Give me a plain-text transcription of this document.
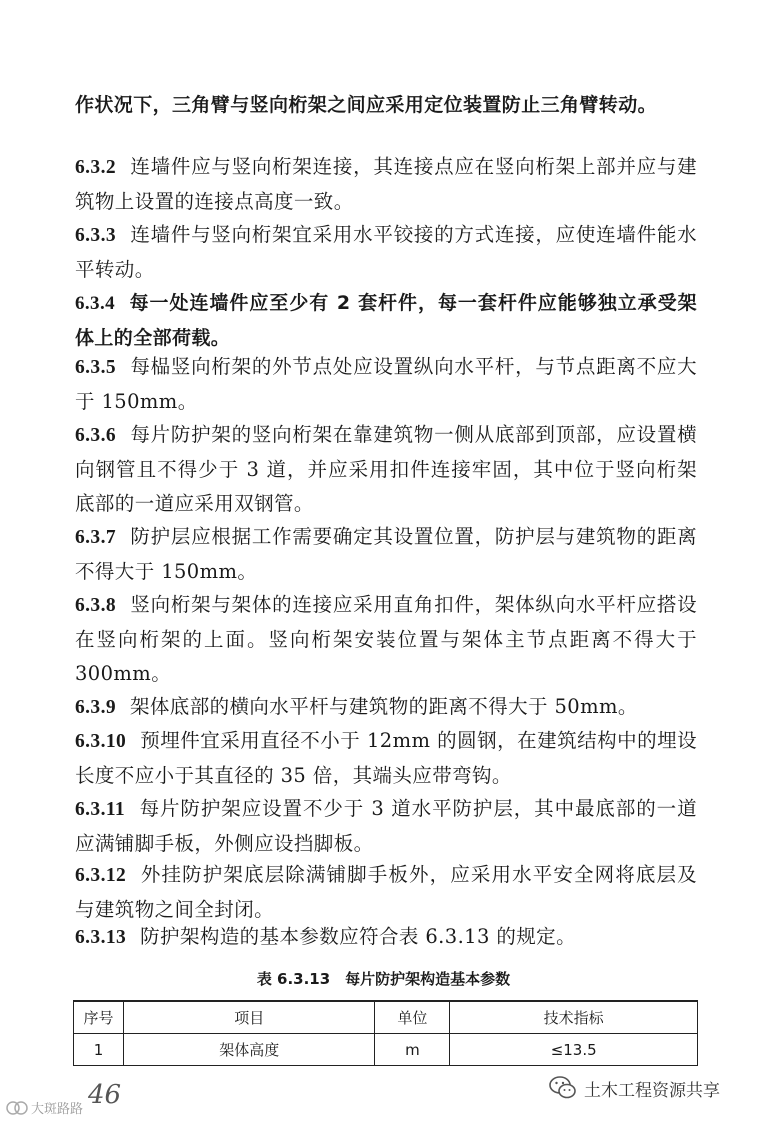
作状况下，三角臂与竖向桁架之间应采用定位装置防止三角臂转动。
6.3.2 连墙件应与竖向桁架连接，其连接点应在竖向桁架上部并应与建筑物上设置的连接点高度一致。
6.3.3 连墙件与竖向桁架宜采用水平铰接的方式连接，应使连墙件能水平转动。
6.3.4 每一处连墙件应至少有 2 套杆件，每一套杆件应能够独立承受架体上的全部荷载。
6.3.5 每榀竖向桁架的外节点处应设置纵向水平杆，与节点距离不应大于 150mm。
6.3.6 每片防护架的竖向桁架在靠建筑物一侧从底部到顶部，应设置横向钢管且不得少于 3 道，并应采用扣件连接牢固，其中位于竖向桁架底部的一道应采用双钢管。
6.3.7 防护层应根据工作需要确定其设置位置，防护层与建筑物的距离不得大于 150mm。
6.3.8 竖向桁架与架体的连接应采用直角扣件，架体纵向水平杆应搭设在竖向桁架的上面。竖向桁架安装位置与架体主节点距离不得大于 300mm。
6.3.9 架体底部的横向水平杆与建筑物的距离不得大于 50mm。
6.3.10 预埋件宜采用直径不小于 12mm 的圆钢，在建筑结构中的埋设长度不应小于其直径的 35 倍，其端头应带弯钩。
6.3.11 每片防护架应设置不少于 3 道水平防护层，其中最底部的一道应满铺脚手板，外侧应设挡脚板。
6.3.12 外挂防护架底层除满铺脚手板外，应采用水平安全网将底层及与建筑物之间全封闭。
6.3.13 防护架构造的基本参数应符合表 6.3.13 的规定。
表 6.3.13　每片防护架构造基本参数
序号	项目	单位	技术指标
1	架体高度	m	≤13.5
46
大斑路路
土木工程资源共享
